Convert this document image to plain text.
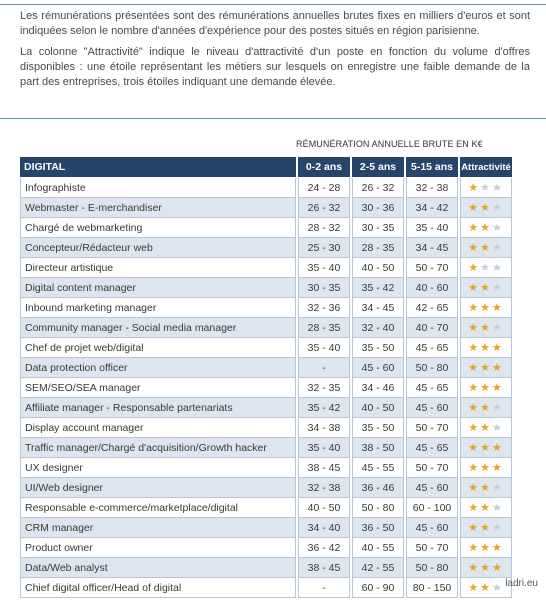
Les rémunérations présentées sont des rémunérations annuelles brutes fixes en milliers d'euros et sont indiquées selon le nombre d'années d'expérience pour des postes situés en région parisienne.

La colonne "Attractivité" indique le niveau d'attractivité d'un poste en fonction du volume d'offres disponibles : une étoile représentant les métiers sur lesquels on enregistre une faible demande de la part des entreprises, trois étoiles indiquant une demande élevée.

RÉMUNÉRATION ANNUELLE BRUTE EN K€
DIGITAL	0-2 ans	2-5 ans	5-15 ans	Attractivité
Infographiste	24 - 28	26 - 32	32 - 38	★★★
Webmaster - E-merchandiser	26 - 32	30 - 36	34 - 42	★★★
Chargé de webmarketing	28 - 32	30 - 35	35 - 40	★★★
Concepteur/Rédacteur web	25 - 30	28 - 35	34 - 45	★★★
Directeur artistique	35 - 40	40 - 50	50 - 70	★★★
Digital content manager	30 - 35	35 - 42	40 - 60	★★★
Inbound marketing manager	32 - 36	34 - 45	42 - 65	★★★
Community manager - Social media manager	28 - 35	32 - 40	40 - 70	★★★
Chef de projet web/digital	35 - 40	35 - 50	45 - 65	★★★
Data protection officer	-	45 - 60	50 - 80	★★★
SEM/SEO/SEA manager	32 - 35	34 - 46	45 - 65	★★★
Affiliate manager - Responsable partenariats	35 - 42	40 - 50	45 - 60	★★★
Display account manager	34 - 38	35 - 50	50 - 70	★★★
Traffic manager/Chargé d'acquisition/Growth hacker	35 - 40	38 - 50	45 - 65	★★★
UX designer	38 - 45	45 - 55	50 - 70	★★★
UI/Web designer	32 - 38	36 - 46	45 - 60	★★★
Responsable e-commerce/marketplace/digital	40 - 50	50 - 80	60 - 100	★★★
CRM manager	34 - 40	36 - 50	45 - 60	★★★
Product owner	36 - 42	40 - 55	50 - 70	★★★
Data/Web analyst	38 - 45	42 - 55	50 - 80	★★★
Chief digital officer/Head of digital	-	60 - 90	80 - 150	★★★ ladri.eu
